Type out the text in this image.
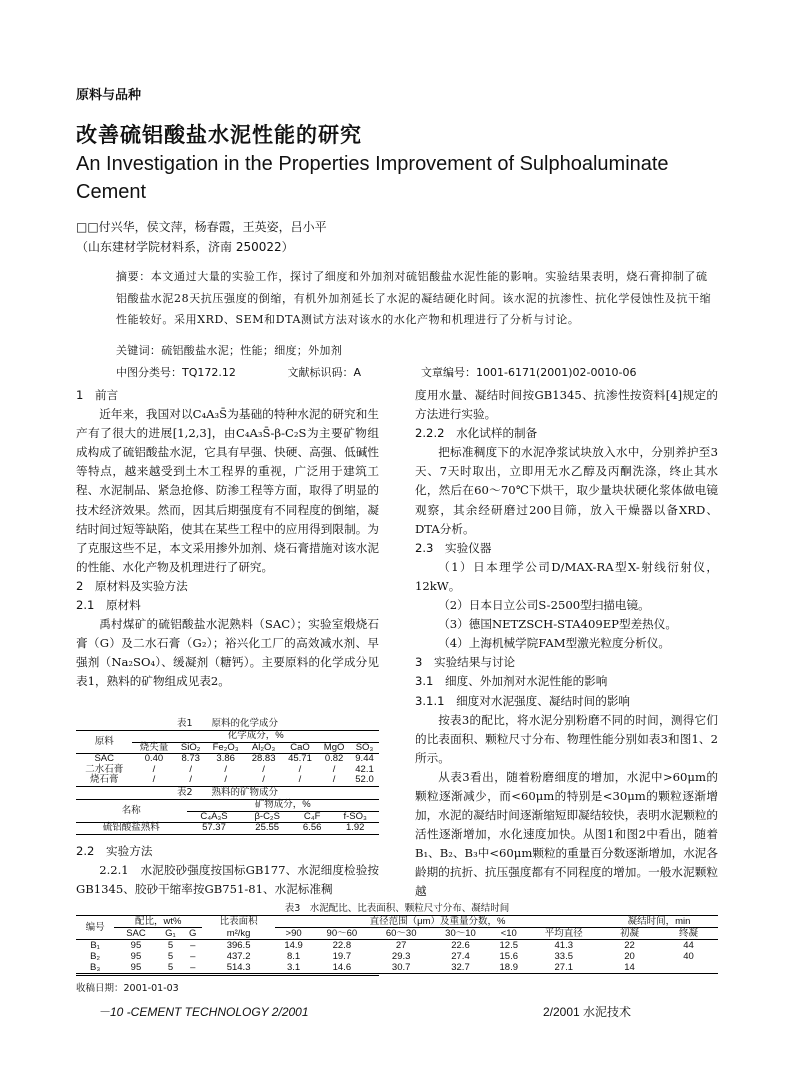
原料与品种
改善硫铝酸盐水泥性能的研究
An Investigation in the Properties Improvement of Sulphoaluminate Cement
□□付兴华，侯文萍，杨春霞，王英姿，吕小平
（山东建材学院材料系，济南 250022）
摘要：本文通过大量的实验工作，探讨了细度和外加剂对硫铝酸盐水泥性能的影响。实验结果表明，烧石膏抑制了硫铝酸盐水泥28天抗压强度的倒缩，有机外加剂延长了水泥的凝结硬化时间。该水泥的抗渗性、抗化学侵蚀性及抗干缩性能较好。采用XRD、SEM和DTA测试方法对该水的水化产物和机理进行了分析与讨论。
关键词：硫铝酸盐水泥；性能；细度；外加剂
中图分类号：TQ172.12	文献标识码：A	文章编号：1001-6171(2001)02-0010-06

1　前言

近年来，我国对以C₄A₃S̄为基础的特种水泥的研究和生产有了很大的进展[1,2,3]，由C₄A₃S̄-β-C₂S为主要矿物组成构成了硫铝酸盐水泥，它具有早强、快硬、高强、低碱性等特点，越来越受到土木工程界的重视，广泛用于建筑工程、水泥制品、紧急抢修、防渗工程等方面，取得了明显的技术经济效果。然而，因其后期强度有不同程度的倒缩，凝结时间过短等缺陷，使其在某些工程中的应用得到限制。为了克服这些不足，本文采用掺外加剂、烧石膏措施对该水泥的性能、水化产物及机理进行了研究。

2　原材料及实验方法

2.1　原材料

禹村煤矿的硫铝酸盐水泥熟料（SAC）；实验室煅烧石膏（G）及二水石膏（G₂）；裕兴化工厂的高效减水剂、早强剂（Na₂SO₄）、缓凝剂（糖钙）。主要原料的化学成分见表1，熟料的矿物组成见表2。

表1　　原料的化学成分
原料	化学成分，%						
	烧失量	SiO₂	Fe₂O₃	Al₂O₃	CaO	MgO	SO₃
SAC	0.40	8.73	3.86	28.83	45.71	0.82	9.44
二水石膏	/	/	/	/	/	/	42.1
烧石膏	/	/	/	/	/	/	52.0
表2　　熟料的矿物成分
名称	矿物成分，%			
	C₄A₃S̄	β-C₂S	C₄F	f-SO₃
硫铝酸盐熟料	57.37	25.55	6.56	1.92

2.2　实验方法

2.2.1　水泥胶砂强度按国标GB177、水泥细度检验按GB1345、胶砂干缩率按GB751-81、水泥标准稠

度用水量、凝结时间按GB1345、抗渗性按资料[4]规定的方法进行实验。

2.2.2　水化试样的制备

把标准稠度下的水泥净浆试块放入水中，分别养护至3天、7天时取出，立即用无水乙醇及丙酮洗涤，终止其水化，然后在60～70℃下烘干，取少量块状硬化浆体做电镜观察，其余经研磨过200目筛，放入干燥器以备XRD、DTA分析。

2.3　实验仪器

（1）日本理学公司D/MAX-RA型X-射线衍射仪，12kW。

（2）日本日立公司S-2500型扫描电镜。

（3）德国NETZSCH-STA409EP型差热仪。

（4）上海机械学院FAM型激光粒度分析仪。

3　实验结果与讨论

3.1　细度、外加剂对水泥性能的影响

3.1.1　细度对水泥强度、凝结时间的影响

按表3的配比，将水泥分别粉磨不同的时间，测得它们的比表面积、颗粒尺寸分布、物理性能分别如表3和图1、2所示。

从表3看出，随着粉磨细度的增加，水泥中>60μm的颗粒逐渐减少，而<60μm的特别是<30μm的颗粒逐渐增加，水泥的凝结时间逐渐缩短即凝结较快，表明水泥颗粒的活性逐渐增加，水化速度加快。从图1和图2中看出，随着B₁、B₂、B₃中<60μm颗粒的重量百分数逐渐增加，水泥各龄期的抗折、抗压强度都有不同程度的增加。一般水泥颗粒越

表3　水泥配比、比表面积、颗粒尺寸分布、凝结时间
编号	配比，wt%			比表面积	直径范围（μm）及重量分数，%						凝结时间，min	
	SAC	G₁	G	m²/kg	>90	90～60	60～30	30～10	<10	平均直径	初凝	终凝
B₁	95	5	–	396.5	14.9	22.8	27	22.6	12.5	41.3	22	44
B₂	95	5	–	437.2	8.1	19.7	29.3	27.4	15.6	33.5	20	40
B₃	95	5	–	514.3	3.1	14.6	30.7	32.7	18.9	27.1	14	
收稿日期：2001-01-03
－10 -CEMENT TECHNOLOGY 2/2001	2/2001 水泥技术
